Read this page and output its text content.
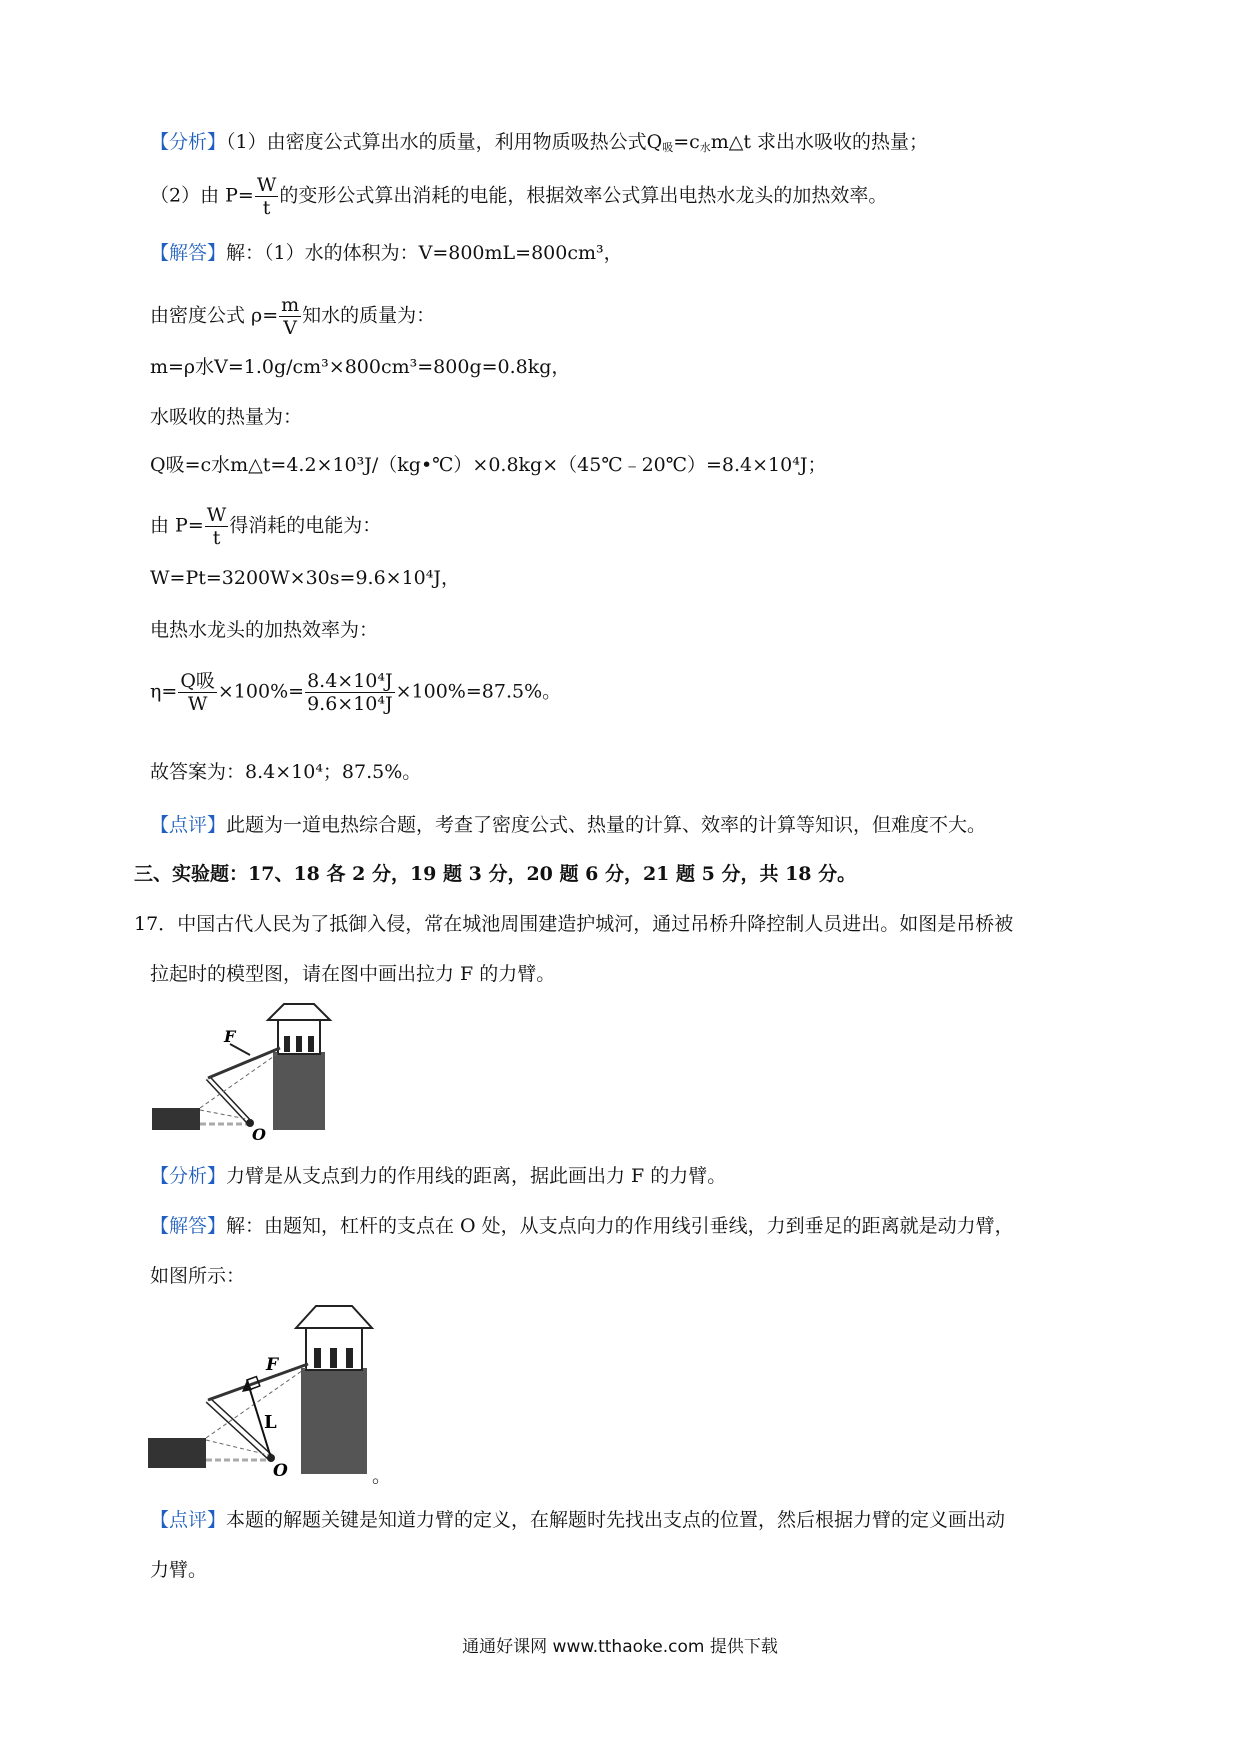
【分析】（1）由密度公式算出水的质量，利用物质吸热公式Q吸=c水m△t 求出水吸收的热量；
（2）由 $P= \frac{W}{t}$ 的变形公式算出消耗的电能，根据效率公式算出电热水龙头的加热效率。
【解答】解：（1）水的体积为：V=800mL=800cm³，
由密度公式 $\rho= \frac{m}{V}$ 知水的质量为：
m=ρ水V=1.0g/cm³×800cm³=800g=0.8kg，
水吸收的热量为：
Q吸=c水m△t=4.2×10³J/（kg•℃）×0.8kg×（45℃﹣20℃）=8.4×10⁴J；
由 $P= \frac{W}{t}$ 得消耗的电能为：
W=Pt=3200W×30s=9.6×10⁴J，
电热水龙头的加热效率为：
$\eta= \frac{\text{Q吸}}{W} \times 100\%= \frac{\text{8.4×10⁴J}}{\text{9.6×10⁴J}} \times 100\%=87.5\%$。
故答案为：8.4×10⁴；87.5%。
【点评】此题为一道电热综合题，考查了密度公式、热量的计算、效率的计算等知识，但难度不大。
三、实验题：17、18 各 2 分，19 题 3 分，20 题 6 分，21 题 5 分，共 18 分。
17．中国古代人民为了抵御入侵，常在城池周围建造护城河，通过吊桥升降控制人员进出。如图是吊桥被
拉起时的模型图，请在图中画出拉力 F 的力臂。
F
O
【分析】力臂是从支点到力的作用线的距离，据此画出力 F 的力臂。
【解答】解：由题知，杠杆的支点在 O 处，从支点向力的作用线引垂线，力到垂足的距离就是动力臂，
如图所示：
F
L
O	。
【点评】本题的解题关键是知道力臂的定义，在解题时先找出支点的位置，然后根据力臂的定义画出动
力臂。
通通好课网 www.tthaoke.com 提供下载
